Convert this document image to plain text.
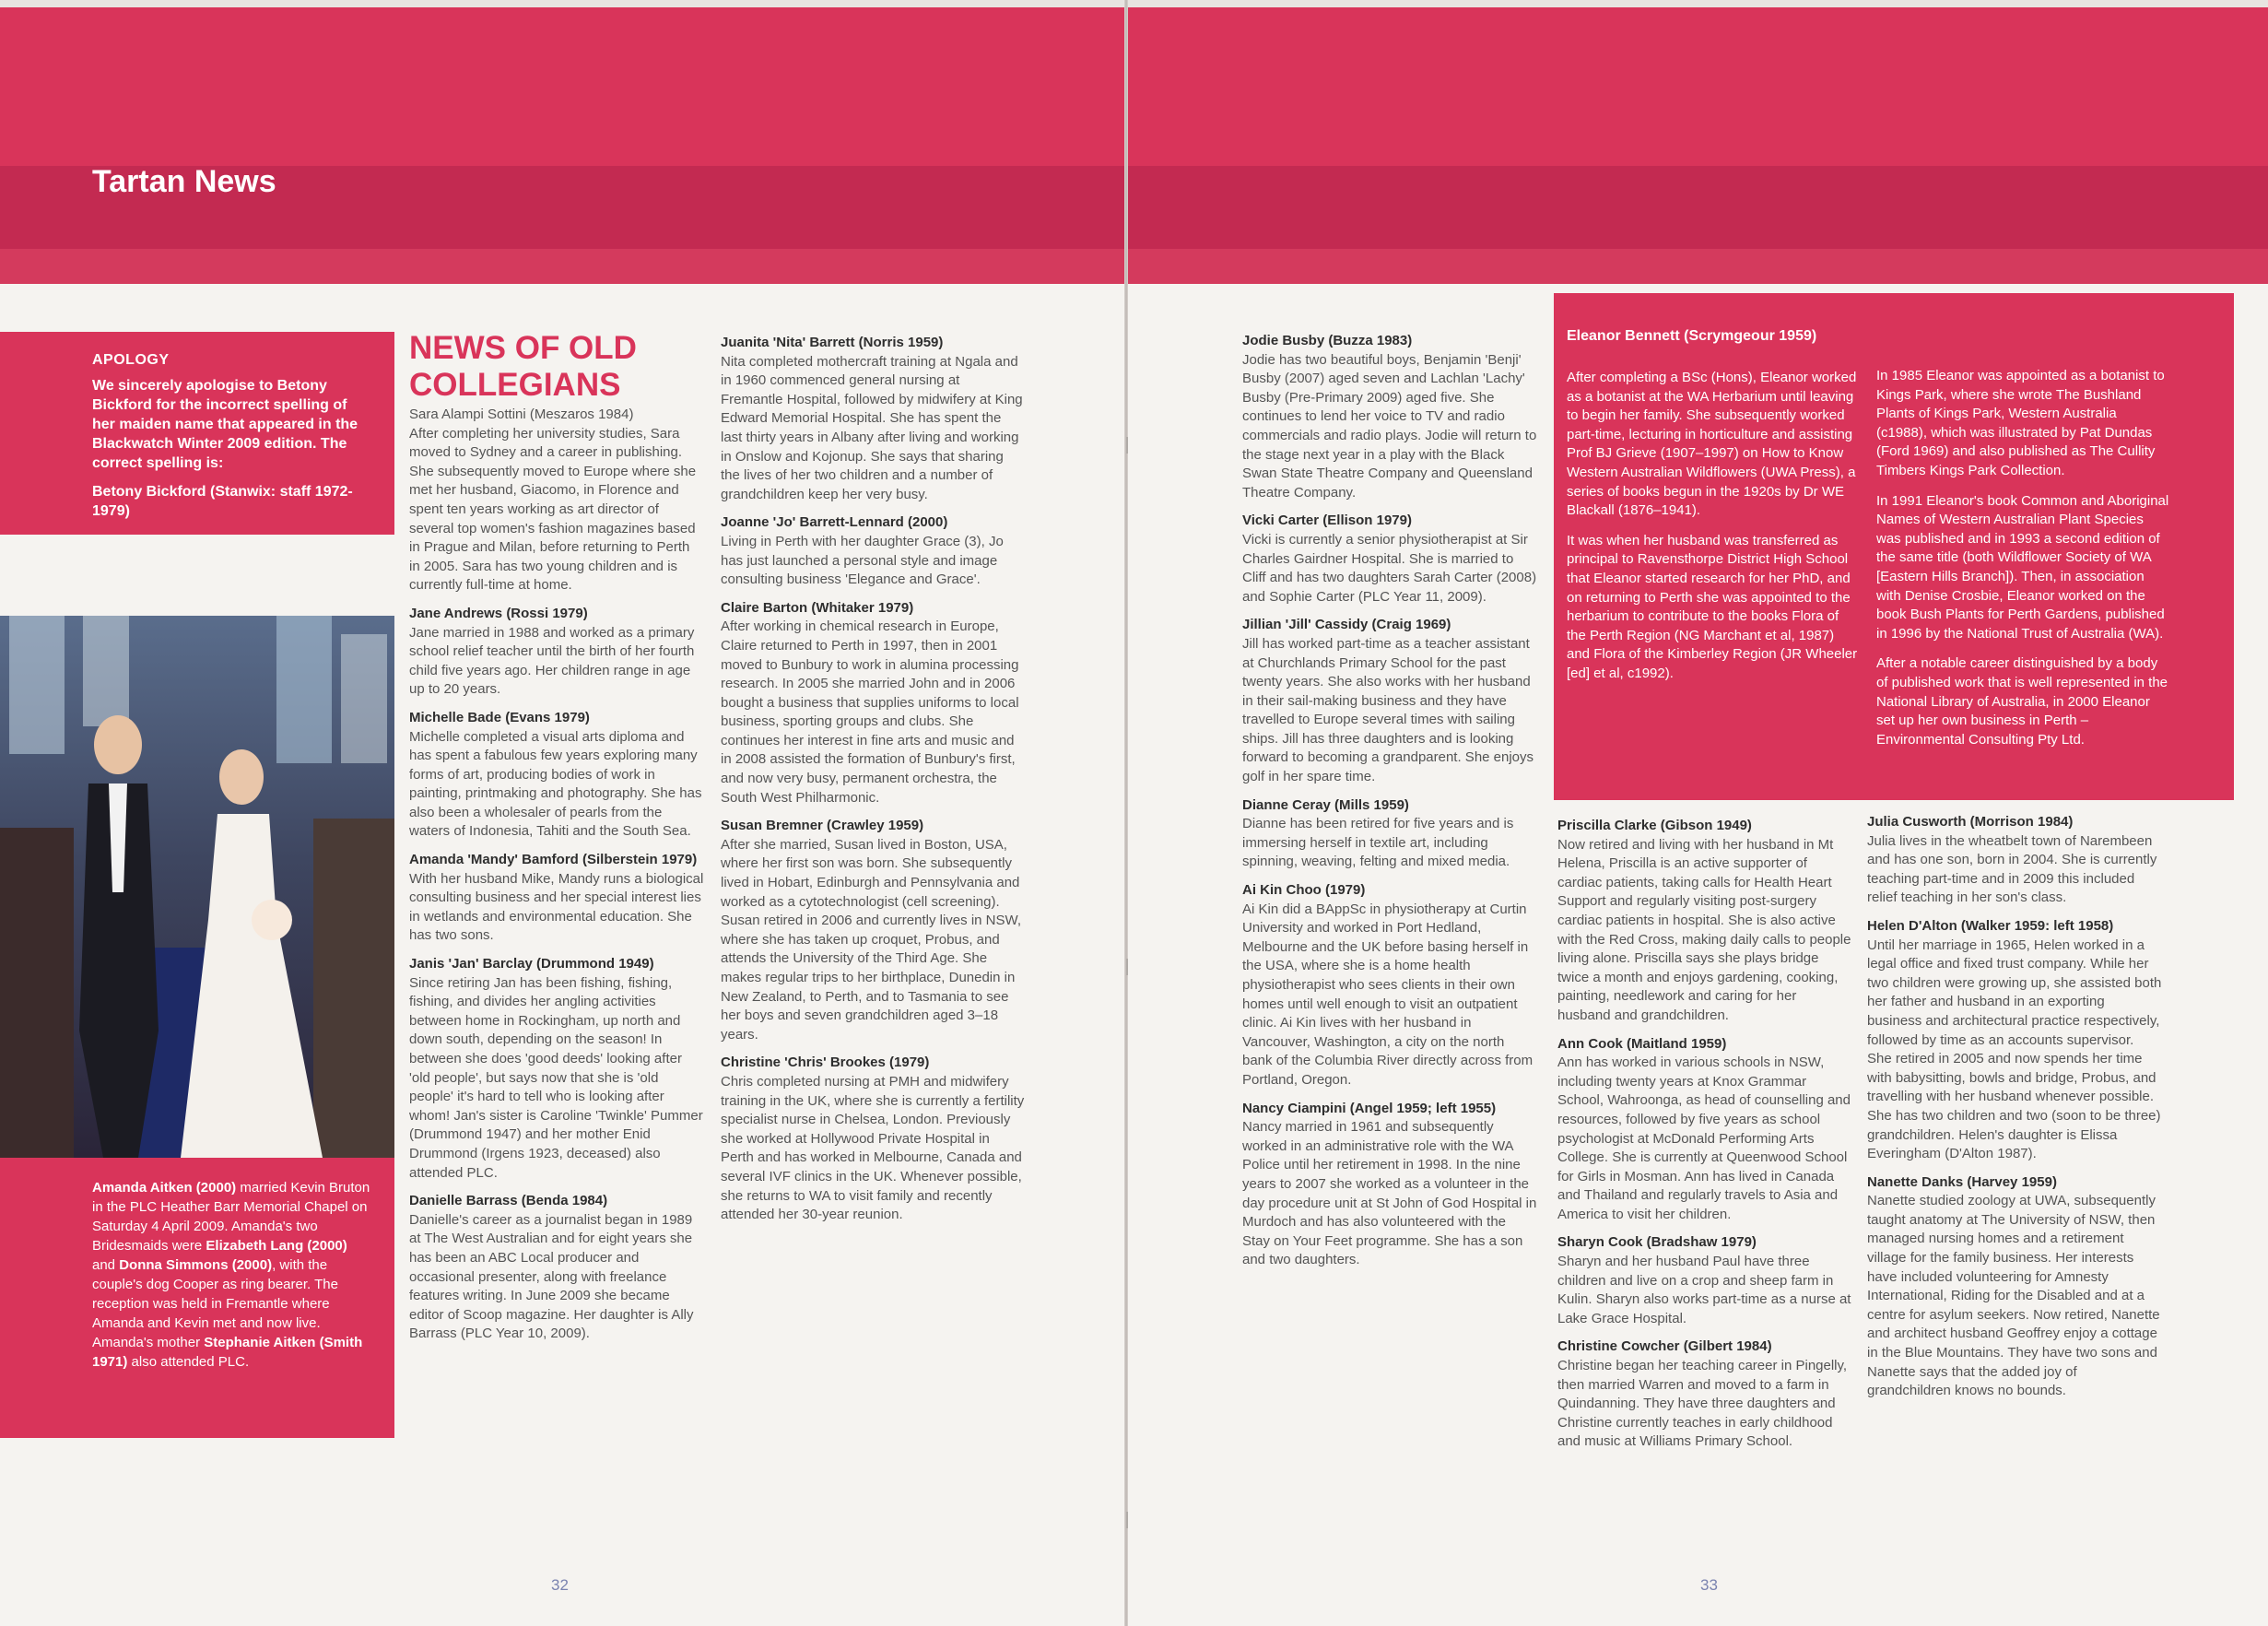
Tartan News
APOLOGY
We sincerely apologise to Betony Bickford for the incorrect spelling of her maiden name that appeared in the Blackwatch Winter 2009 edition. The correct spelling is:
Betony Bickford (Stanwix: staff 1972-1979)
Amanda Aitken (2000) married Kevin Bruton in the PLC Heather Barr Memorial Chapel on Saturday 4 April 2009. Amanda's two Bridesmaids were Elizabeth Lang (2000) and Donna Simmons (2000), with the couple's dog Cooper as ring bearer. The reception was held in Fremantle where Amanda and Kevin met and now live. Amanda's mother Stephanie Aitken (Smith 1971) also attended PLC.
NEWS OF OLD COLLEGIANS
Sara Alampi Sottini (Meszaros 1984)
After completing her university studies, Sara moved to Sydney and a career in publishing. She subsequently moved to Europe where she met her husband, Giacomo, in Florence and spent ten years working as art director of several top women's fashion magazines based in Prague and Milan, before returning to Perth in 2005. Sara has two young children and is currently full-time at home.
Jane Andrews (Rossi 1979)
Jane married in 1988 and worked as a primary school relief teacher until the birth of her fourth child five years ago. Her children range in age up to 20 years.
Michelle Bade (Evans 1979)
Michelle completed a visual arts diploma and has spent a fabulous few years exploring many forms of art, producing bodies of work in painting, printmaking and photography. She has also been a wholesaler of pearls from the waters of Indonesia, Tahiti and the South Sea.
Amanda 'Mandy' Bamford (Silberstein 1979)
With her husband Mike, Mandy runs a biological consulting business and her special interest lies in wetlands and environmental education. She has two sons.
Janis 'Jan' Barclay (Drummond 1949)
Since retiring Jan has been fishing, fishing, fishing, and divides her angling activities between home in Rockingham, up north and down south, depending on the season! In between she does 'good deeds' looking after 'old people', but says now that she is 'old people' it's hard to tell who is looking after whom! Jan's sister is Caroline 'Twinkle' Pummer (Drummond 1947) and her mother Enid Drummond (Irgens 1923, deceased) also attended PLC.
Danielle Barrass (Benda 1984)
Danielle's career as a journalist began in 1989 at The West Australian and for eight years she has been an ABC Local producer and occasional presenter, along with freelance features writing. In June 2009 she became editor of Scoop magazine. Her daughter is Ally Barrass (PLC Year 10, 2009).
Juanita 'Nita' Barrett (Norris 1959)
Nita completed mothercraft training at Ngala and in 1960 commenced general nursing at Fremantle Hospital, followed by midwifery at King Edward Memorial Hospital. She has spent the last thirty years in Albany after living and working in Onslow and Kojonup. She says that sharing the lives of her two children and a number of grandchildren keep her very busy.
Joanne 'Jo' Barrett-Lennard (2000)
Living in Perth with her daughter Grace (3), Jo has just launched a personal style and image consulting business 'Elegance and Grace'.
Claire Barton (Whitaker 1979)
After working in chemical research in Europe, Claire returned to Perth in 1997, then in 2001 moved to Bunbury to work in alumina processing research. In 2005 she married John and in 2006 bought a business that supplies uniforms to local business, sporting groups and clubs. She continues her interest in fine arts and music and in 2008 assisted the formation of Bunbury's first, and now very busy, permanent orchestra, the South West Philharmonic.
Susan Bremner (Crawley 1959)
After she married, Susan lived in Boston, USA, where her first son was born. She subsequently lived in Hobart, Edinburgh and Pennsylvania and worked as a cytotechnologist (cell screening). Susan retired in 2006 and currently lives in NSW, where she has taken up croquet, Probus, and attends the University of the Third Age. She makes regular trips to her birthplace, Dunedin in New Zealand, to Perth, and to Tasmania to see her boys and seven grandchildren aged 3–18 years.
Christine 'Chris' Brookes (1979)
Chris completed nursing at PMH and midwifery training in the UK, where she is currently a fertility specialist nurse in Chelsea, London. Previously she worked at Hollywood Private Hospital in Perth and has worked in Melbourne, Canada and several IVF clinics in the UK. Whenever possible, she returns to WA to visit family and recently attended her 30-year reunion.
Jodie Busby (Buzza 1983)
Jodie has two beautiful boys, Benjamin 'Benji' Busby (2007) aged seven and Lachlan 'Lachy' Busby (Pre-Primary 2009) aged five. She continues to lend her voice to TV and radio commercials and radio plays. Jodie will return to the stage next year in a play with the Black Swan State Theatre Company and Queensland Theatre Company.
Vicki Carter (Ellison 1979)
Vicki is currently a senior physiotherapist at Sir Charles Gairdner Hospital. She is married to Cliff and has two daughters Sarah Carter (2008) and Sophie Carter (PLC Year 11, 2009).
Jillian 'Jill' Cassidy (Craig 1969)
Jill has worked part-time as a teacher assistant at Churchlands Primary School for the past twenty years. She also works with her husband in their sail-making business and they have travelled to Europe several times with sailing ships. Jill has three daughters and is looking forward to becoming a grandparent. She enjoys golf in her spare time.
Dianne Ceray (Mills 1959)
Dianne has been retired for five years and is immersing herself in textile art, including spinning, weaving, felting and mixed media.
Ai Kin Choo (1979)
Ai Kin did a BAppSc in physiotherapy at Curtin University and worked in Port Hedland, Melbourne and the UK before basing herself in the USA, where she is a home health physiotherapist who sees clients in their own homes until well enough to visit an outpatient clinic. Ai Kin lives with her husband in Vancouver, Washington, a city on the north bank of the Columbia River directly across from Portland, Oregon.
Nancy Ciampini (Angel 1959; left 1955)
Nancy married in 1961 and subsequently worked in an administrative role with the WA Police until her retirement in 1998. In the nine years to 2007 she worked as a volunteer in the day procedure unit at St John of God Hospital in Murdoch and has also volunteered with the Stay on Your Feet programme. She has a son and two daughters.
Eleanor Bennett (Scrymgeour 1959)

After completing a BSc (Hons), Eleanor worked as a botanist at the WA Herbarium until leaving to begin her family. She subsequently worked part-time, lecturing in horticulture and assisting Prof BJ Grieve (1907–1997) on How to Know Western Australian Wildflowers (UWA Press), a series of books begun in the 1920s by Dr WE Blackall (1876–1941).

It was when her husband was transferred as principal to Ravensthorpe District High School that Eleanor started research for her PhD, and on returning to Perth she was appointed to the herbarium to contribute to the books Flora of the Perth Region (NG Marchant et al, 1987) and Flora of the Kimberley Region (JR Wheeler [ed] et al, c1992).

In 1985 Eleanor was appointed as a botanist to Kings Park, where she wrote The Bushland Plants of Kings Park, Western Australia (c1988), which was illustrated by Pat Dundas (Ford 1969) and also published as The Cullity Timbers Kings Park Collection.

In 1991 Eleanor's book Common and Aboriginal Names of Western Australian Plant Species was published and in 1993 a second edition of the same title (both Wildflower Society of WA [Eastern Hills Branch]). Then, in association with Denise Crosbie, Eleanor worked on the book Bush Plants for Perth Gardens, published in 1996 by the National Trust of Australia (WA).

After a notable career distinguished by a body of published work that is well represented in the National Library of Australia, in 2000 Eleanor set up her own business in Perth – Environmental Consulting Pty Ltd.

Priscilla Clarke (Gibson 1949)
Now retired and living with her husband in Mt Helena, Priscilla is an active supporter of cardiac patients, taking calls for Health Heart Support and regularly visiting post-surgery cardiac patients in hospital. She is also active with the Red Cross, making daily calls to people living alone. Priscilla says she plays bridge twice a month and enjoys gardening, cooking, painting, needlework and caring for her husband and grandchildren.
Ann Cook (Maitland 1959)
Ann has worked in various schools in NSW, including twenty years at Knox Grammar School, Wahroonga, as head of counselling and resources, followed by five years as school psychologist at McDonald Performing Arts College. She is currently at Queenwood School for Girls in Mosman. Ann has lived in Canada and Thailand and regularly travels to Asia and America to visit her children.
Sharyn Cook (Bradshaw 1979)
Sharyn and her husband Paul have three children and live on a crop and sheep farm in Kulin. Sharyn also works part-time as a nurse at Lake Grace Hospital.
Christine Cowcher (Gilbert 1984)
Christine began her teaching career in Pingelly, then married Warren and moved to a farm in Quindanning. They have three daughters and Christine currently teaches in early childhood and music at Williams Primary School.
Julia Cusworth (Morrison 1984)
Julia lives in the wheatbelt town of Narembeen and has one son, born in 2004. She is currently teaching part-time and in 2009 this included relief teaching in her son's class.
Helen D'Alton (Walker 1959: left 1958)
Until her marriage in 1965, Helen worked in a legal office and fixed trust company. While her two children were growing up, she assisted both her father and husband in an exporting business and architectural practice respectively, followed by time as an accounts supervisor. She retired in 2005 and now spends her time with babysitting, bowls and bridge, Probus, and travelling with her husband whenever possible. She has two children and two (soon to be three) grandchildren. Helen's daughter is Elissa Everingham (D'Alton 1987).
Nanette Danks (Harvey 1959)
Nanette studied zoology at UWA, subsequently taught anatomy at The University of NSW, then managed nursing homes and a retirement village for the family business. Her interests have included volunteering for Amnesty International, Riding for the Disabled and at a centre for asylum seekers. Now retired, Nanette and architect husband Geoffrey enjoy a cottage in the Blue Mountains. They have two sons and Nanette says that the added joy of grandchildren knows no bounds.
32	33
